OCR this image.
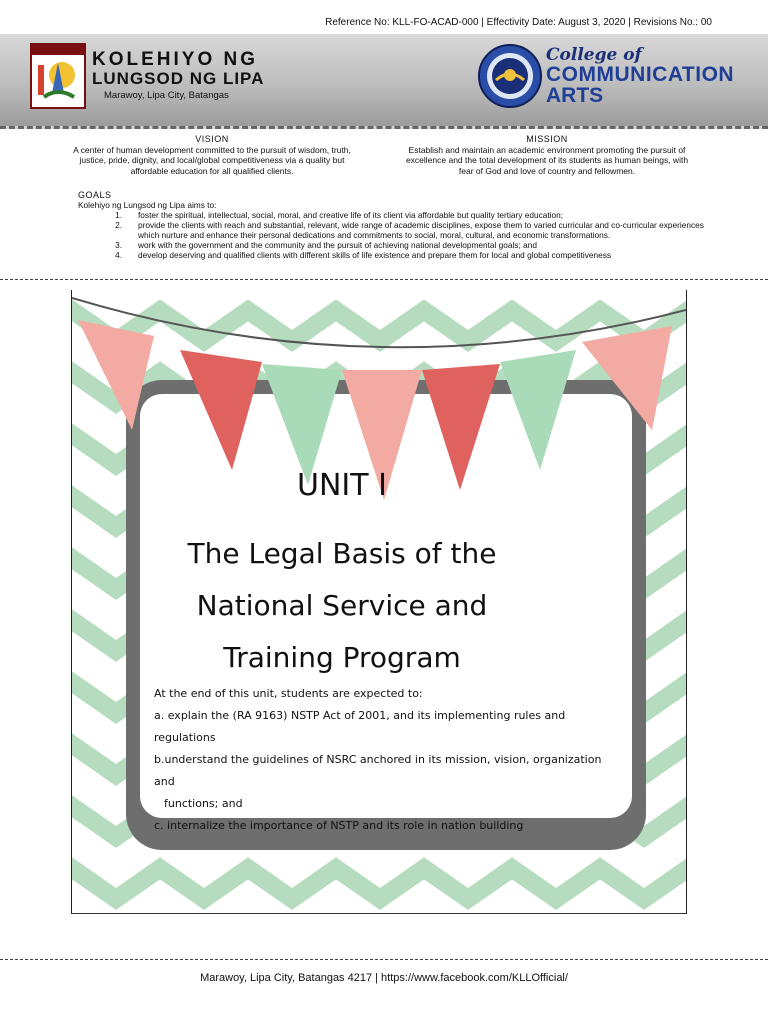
Reference No: KLL-FO-ACAD-000 | Effectivity Date: August 3, 2020 | Revisions No.: 00
KOLEHIYO NG
LUNGSOD NG LIPA
Marawoy, Lipa City, Batangas
College of
COMMUNICATION
ARTS
VISION
A center of human development committed to the pursuit of wisdom, truth, justice, pride, dignity, and local/global competitiveness via a quality but affordable education for all qualified clients.
MISSION
Establish and maintain an academic environment promoting the pursuit of excellence and the total development of its students as human beings, with fear of God and love of country and fellowmen.
GOALS
Kolehiyo ng Lungsod ng Lipa aims to:
1.	foster the spiritual, intellectual, social, moral, and creative life of its client via affordable but quality tertiary education;
2.	provide the clients with reach and substantial, relevant, wide range of academic disciplines, expose them to varied curricular and co-curricular experiences which nurture and enhance their personal dedications and commitments to social, moral, cultural, and economic transformations.
3.	work with the government and the community and the pursuit of achieving national developmental goals; and
4.	develop deserving and qualified clients with different skills of life existence and prepare them for local and global competitiveness
UNIT I
The Legal Basis of the
National Service and
Training Program
At the end of this unit, students are expected to:
a. explain the (RA 9163) NSTP Act of 2001, and its implementing rules and regulations
b.understand the guidelines of NSRC anchored in its mission, vision, organization and
functions; and
c. internalize the importance of NSTP and its role in nation building
Marawoy, Lipa City, Batangas 4217 | https://www.facebook.com/KLLOfficial/
